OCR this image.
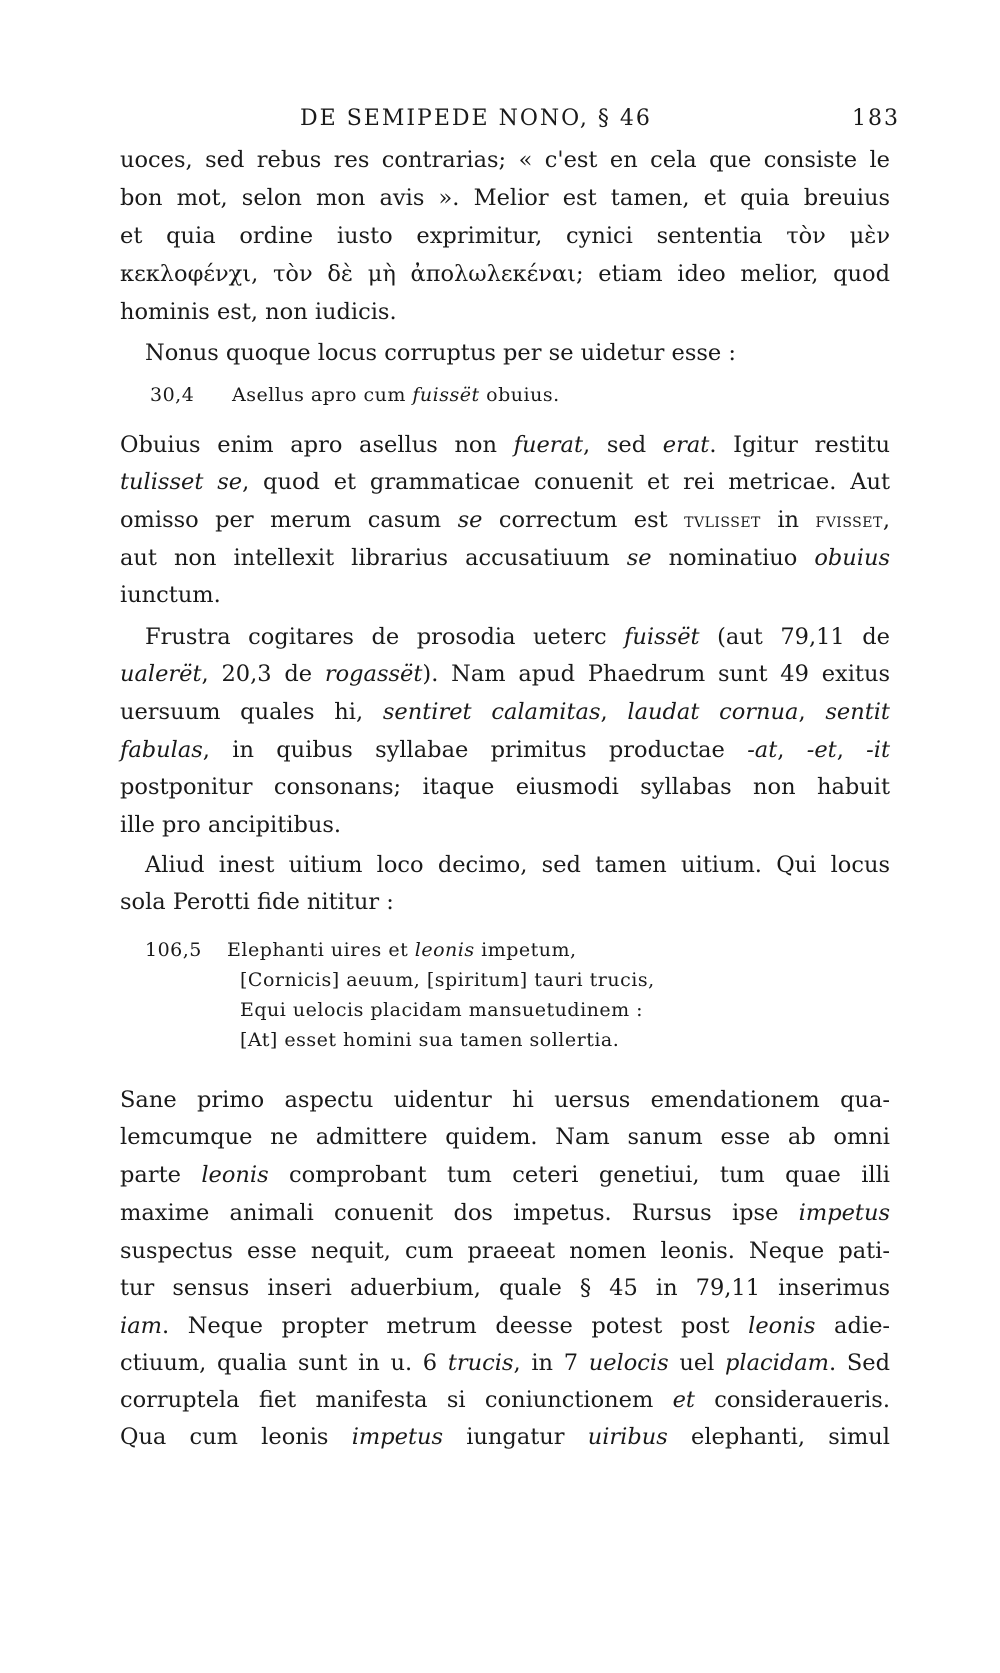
DE SEMIPEDE NONO, § 46	183
uoces, sed rebus res contrarias; « c'est en cela que consiste le
bon mot, selon mon avis ». Melior est tamen, et quia breuius
et quia ordine iusto exprimitur, cynici sententia τὸν μὲν
κεκλοφένχι, τὸν δὲ μὴ ἀπολωλεκέναι; etiam ideo melior, quod
hominis est, non iudicis.
Nonus quoque locus corruptus per se uidetur esse :
30,4 Asellus apro cum fuissët obuius.
Obuius enim apro asellus non fuerat, sed erat. Igitur restitu
tulisset se, quod et grammaticae conuenit et rei metricae. Aut
omisso per merum casum se correctum est tvlisset in fvisset,
aut non intellexit librarius accusatiuum se nominatiuo obuius
iunctum.
Frustra cogitares de prosodia ueterc fuissët (aut 79,11 de
ualerët, 20,3 de rogassët). Nam apud Phaedrum sunt 49 exitus
uersuum quales hi, sentiret calamitas, laudat cornua, sentit
fabulas, in quibus syllabae primitus productae -at, -et, -it
postponitur consonans; itaque eiusmodi syllabas non habuit
ille pro ancipitibus.
Aliud inest uitium loco decimo, sed tamen uitium. Qui locus
sola Perotti fide nititur :
106,5 Elephanti uires et leonis impetum,
[Cornicis] aeuum, [spiritum] tauri trucis,
Equi uelocis placidam mansuetudinem :
[At] esset homini sua tamen sollertia.
Sane primo aspectu uidentur hi uersus emendationem qua-
lemcumque ne admittere quidem. Nam sanum esse ab omni
parte leonis comprobant tum ceteri genetiui, tum quae illi
maxime animali conuenit dos impetus. Rursus ipse impetus
suspectus esse nequit, cum praeeat nomen leonis. Neque pati-
tur sensus inseri aduerbium, quale § 45 in 79,11 inserimus
iam. Neque propter metrum deesse potest post leonis adie-
ctiuum, qualia sunt in u. 6 trucis, in 7 uelocis uel placidam. Sed
corruptela fiet manifesta si coniunctionem et consideraueris.
Qua cum leonis impetus iungatur uiribus elephanti, simul
